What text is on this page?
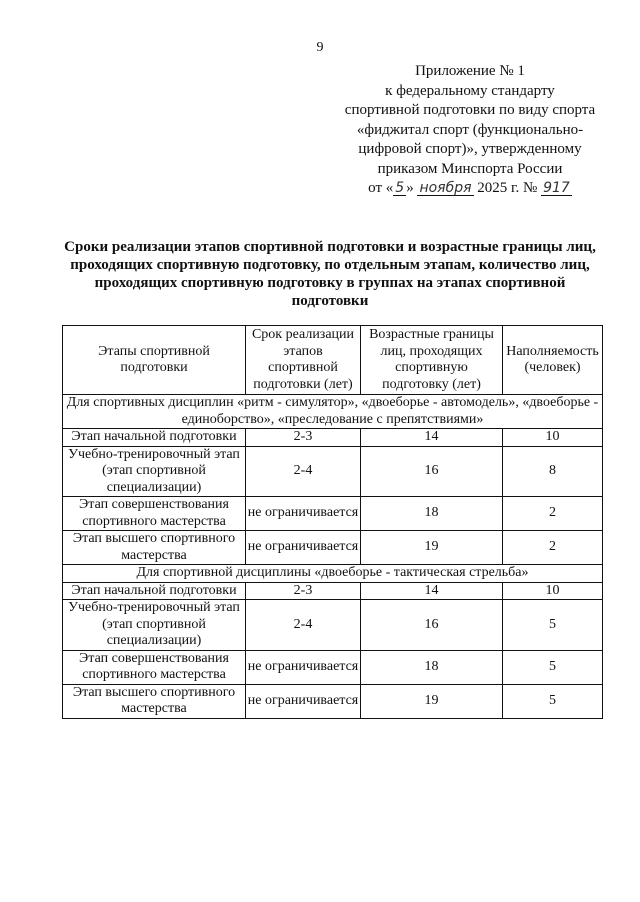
9
Приложение № 1
к федеральному стандарту
спортивной подготовки по виду спорта
«фиджитал спорт (функционально-
цифровой спорт)», утвержденному
приказом Минспорта России
от « 5 » ноября 2025 г. № 917
Сроки реализации этапов спортивной подготовки и возрастные границы лиц, проходящих спортивную подготовку, по отдельным этапам, количество лиц, проходящих спортивную подготовку в группах на этапах спортивной подготовки
Этапы спортивной подготовки	Срок реализации этапов спортивной подготовки (лет)	Возрастные границы лиц, проходящих спортивную подготовку (лет)	Наполняемость (человек)
Для спортивных дисциплин «ритм - симулятор», «двоеборье - автомодель», «двоеборье - единоборство», «преследование с препятствиями»			
Этап начальной подготовки	2-3	14	10
Учебно-тренировочный этап (этап спортивной специализации)	2-4	16	8
Этап совершенствования спортивного мастерства	не ограничивается	18	2
Этап высшего спортивного мастерства	не ограничивается	19	2
Для спортивной дисциплины «двоеборье - тактическая стрельба»			
Этап начальной подготовки	2-3	14	10
Учебно-тренировочный этап (этап спортивной специализации)	2-4	16	5
Этап совершенствования спортивного мастерства	не ограничивается	18	5
Этап высшего спортивного мастерства	не ограничивается	19	5
